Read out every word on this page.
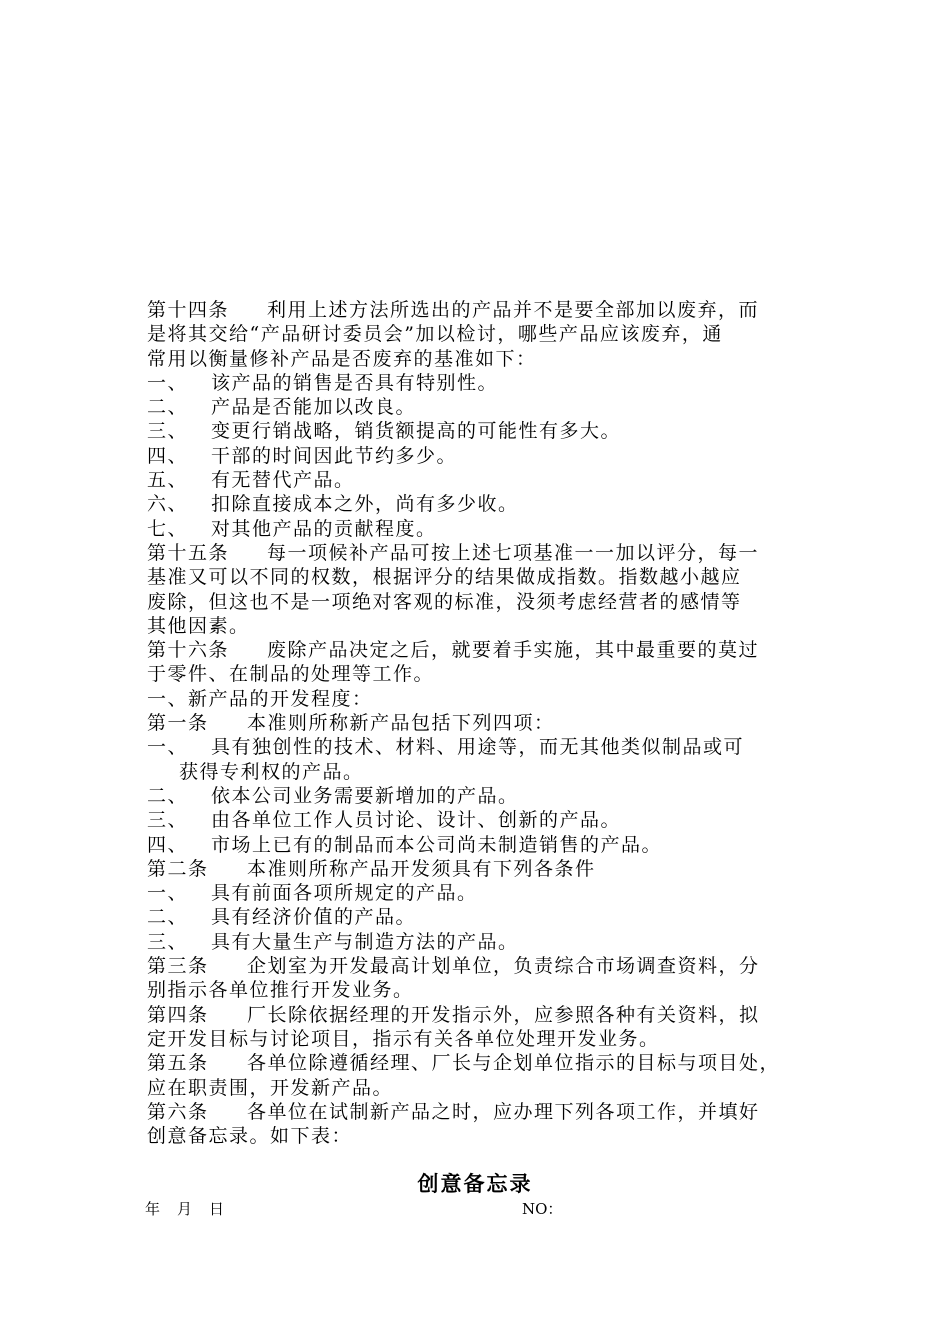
第十四条 利用上述方法所选出的产品并不是要全部加以废弃，而
是将其交给“产品研讨委员会”加以检讨，哪些产品应该废弃，通
常用以衡量修补产品是否废弃的基准如下：
一、	该产品的销售是否具有特别性。
二、	产品是否能加以改良。
三、	变更行销战略，销货额提高的可能性有多大。
四、	干部的时间因此节约多少。
五、	有无替代产品。
六、	扣除直接成本之外，尚有多少收。
七、	对其他产品的贡献程度。
第十五条 每一项候补产品可按上述七项基准一一加以评分，每一
基准又可以不同的权数，根据评分的结果做成指数。指数越小越应
废除，但这也不是一项绝对客观的标准，没须考虑经营者的感情等
其他因素。
第十六条 废除产品决定之后，就要着手实施，其中最重要的莫过
于零件、在制品的处理等工作。
一、新产品的开发程度：
第一条 本准则所称新产品包括下列四项：
一、	具有独创性的技术、材料、用途等，而无其他类似制品或可
获得专利权的产品。
二、	依本公司业务需要新增加的产品。
三、	由各单位工作人员讨论、设计、创新的产品。
四、	市场上已有的制品而本公司尚未制造销售的产品。
第二条 本准则所称产品开发须具有下列各条件
一、	具有前面各项所规定的产品。
二、	具有经济价值的产品。
三、	具有大量生产与制造方法的产品。
第三条 企划室为开发最高计划单位，负责综合市场调查资料，分
别指示各单位推行开发业务。
第四条 厂长除依据经理的开发指示外，应参照各种有关资料，拟
定开发目标与讨论项目，指示有关各单位处理开发业务。
第五条 各单位除遵循经理、厂长与企划单位指示的目标与项目处，
应在职责围，开发新产品。
第六条 各单位在试制新产品之时，应办理下列各项工作，并填好
创意备忘录。如下表：
创意备忘录
年　月　日	NO：
